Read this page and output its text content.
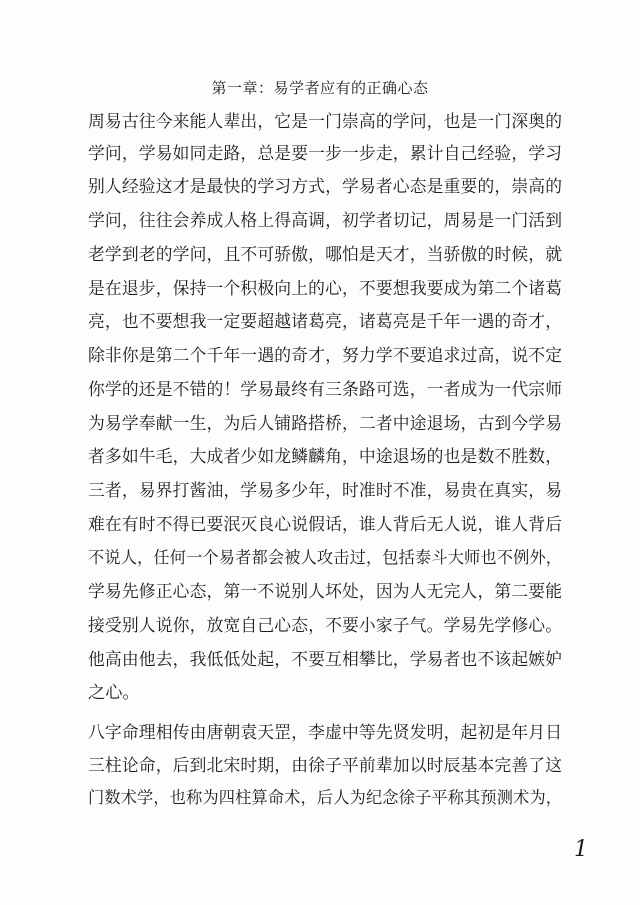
第一章：易学者应有的正确心态
周易古往今来能人辈出，它是一门崇高的学问，也是一门深奥的
学问，学易如同走路，总是要一步一步走，累计自己经验，学习
别人经验这才是最快的学习方式，学易者心态是重要的，崇高的
学问，往往会养成人格上得高调，初学者切记，周易是一门活到
老学到老的学问，且不可骄傲，哪怕是天才，当骄傲的时候，就
是在退步，保持一个积极向上的心，不要想我要成为第二个诸葛
亮，也不要想我一定要超越诸葛亮，诸葛亮是千年一遇的奇才，
除非你是第二个千年一遇的奇才，努力学不要追求过高，说不定
你学的还是不错的！学易最终有三条路可选，一者成为一代宗师
为易学奉献一生，为后人铺路搭桥，二者中途退场，古到今学易
者多如牛毛，大成者少如龙鳞麟角，中途退场的也是数不胜数，
三者，易界打酱油，学易多少年，时准时不准，易贵在真实，易
难在有时不得已要泯灭良心说假话，谁人背后无人说，谁人背后
不说人，任何一个易者都会被人攻击过，包括泰斗大师也不例外，
学易先修正心态，第一不说别人坏处，因为人无完人，第二要能
接受别人说你，放宽自己心态，不要小家子气。学易先学修心。
他高由他去，我低低处起，不要互相攀比，学易者也不该起嫉妒
之心。
八字命理相传由唐朝袁天罡，李虚中等先贤发明，起初是年月日
三柱论命，后到北宋时期，由徐子平前辈加以时辰基本完善了这
门数术学，也称为四柱算命术，后人为纪念徐子平称其预测术为，
1
